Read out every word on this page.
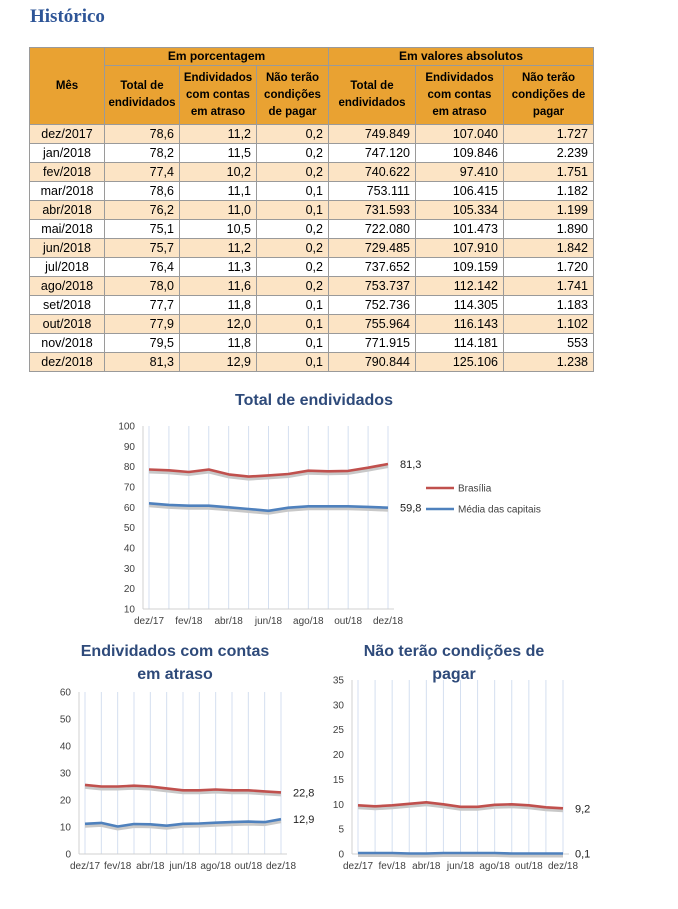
Histórico
Mês	Em porcentagem			Em valores absolutos		
	Total de endividados	Endividados com contas em atraso	Não terão condições de pagar	Total de endividados	Endividados com contas em atraso	Não terão condições de pagar
dez/2017	78,6	11,2	0,2	749.849	107.040	1.727
jan/2018	78,2	11,5	0,2	747.120	109.846	2.239
fev/2018	77,4	10,2	0,2	740.622	97.410	1.751
mar/2018	78,6	11,1	0,1	753.111	106.415	1.182
abr/2018	76,2	11,0	0,1	731.593	105.334	1.199
mai/2018	75,1	10,5	0,2	722.080	101.473	1.890
jun/2018	75,7	11,2	0,2	729.485	107.910	1.842
jul/2018	76,4	11,3	0,2	737.652	109.159	1.720
ago/2018	78,0	11,6	0,2	753.737	112.142	1.741
set/2018	77,7	11,8	0,1	752.736	114.305	1.183
out/2018	77,9	12,0	0,1	755.964	116.143	1.102
nov/2018	79,5	11,8	0,1	771.915	114.181	553
dez/2018	81,3	12,9	0,1	790.844	125.106	1.238
Total de endividados
10
20
30
40
50
60
70
80
90
100
dez/17 fev/18 abr/18 jun/18 ago/18 out/18 dez/18
81,3
59,8
Brasília
Média das capitais
Endividados com contas
em atraso
0
10
20
30
40
50
60
dez/17 fev/18 abr/18 jun/18 ago/18 out/18 dez/18
22,8
12,9
Não terão condições de
pagar
0
5
10
15
20
25
30
35
dez/17 fev/18 abr/18 jun/18 ago/18 out/18 dez/18
9,2
0,1
